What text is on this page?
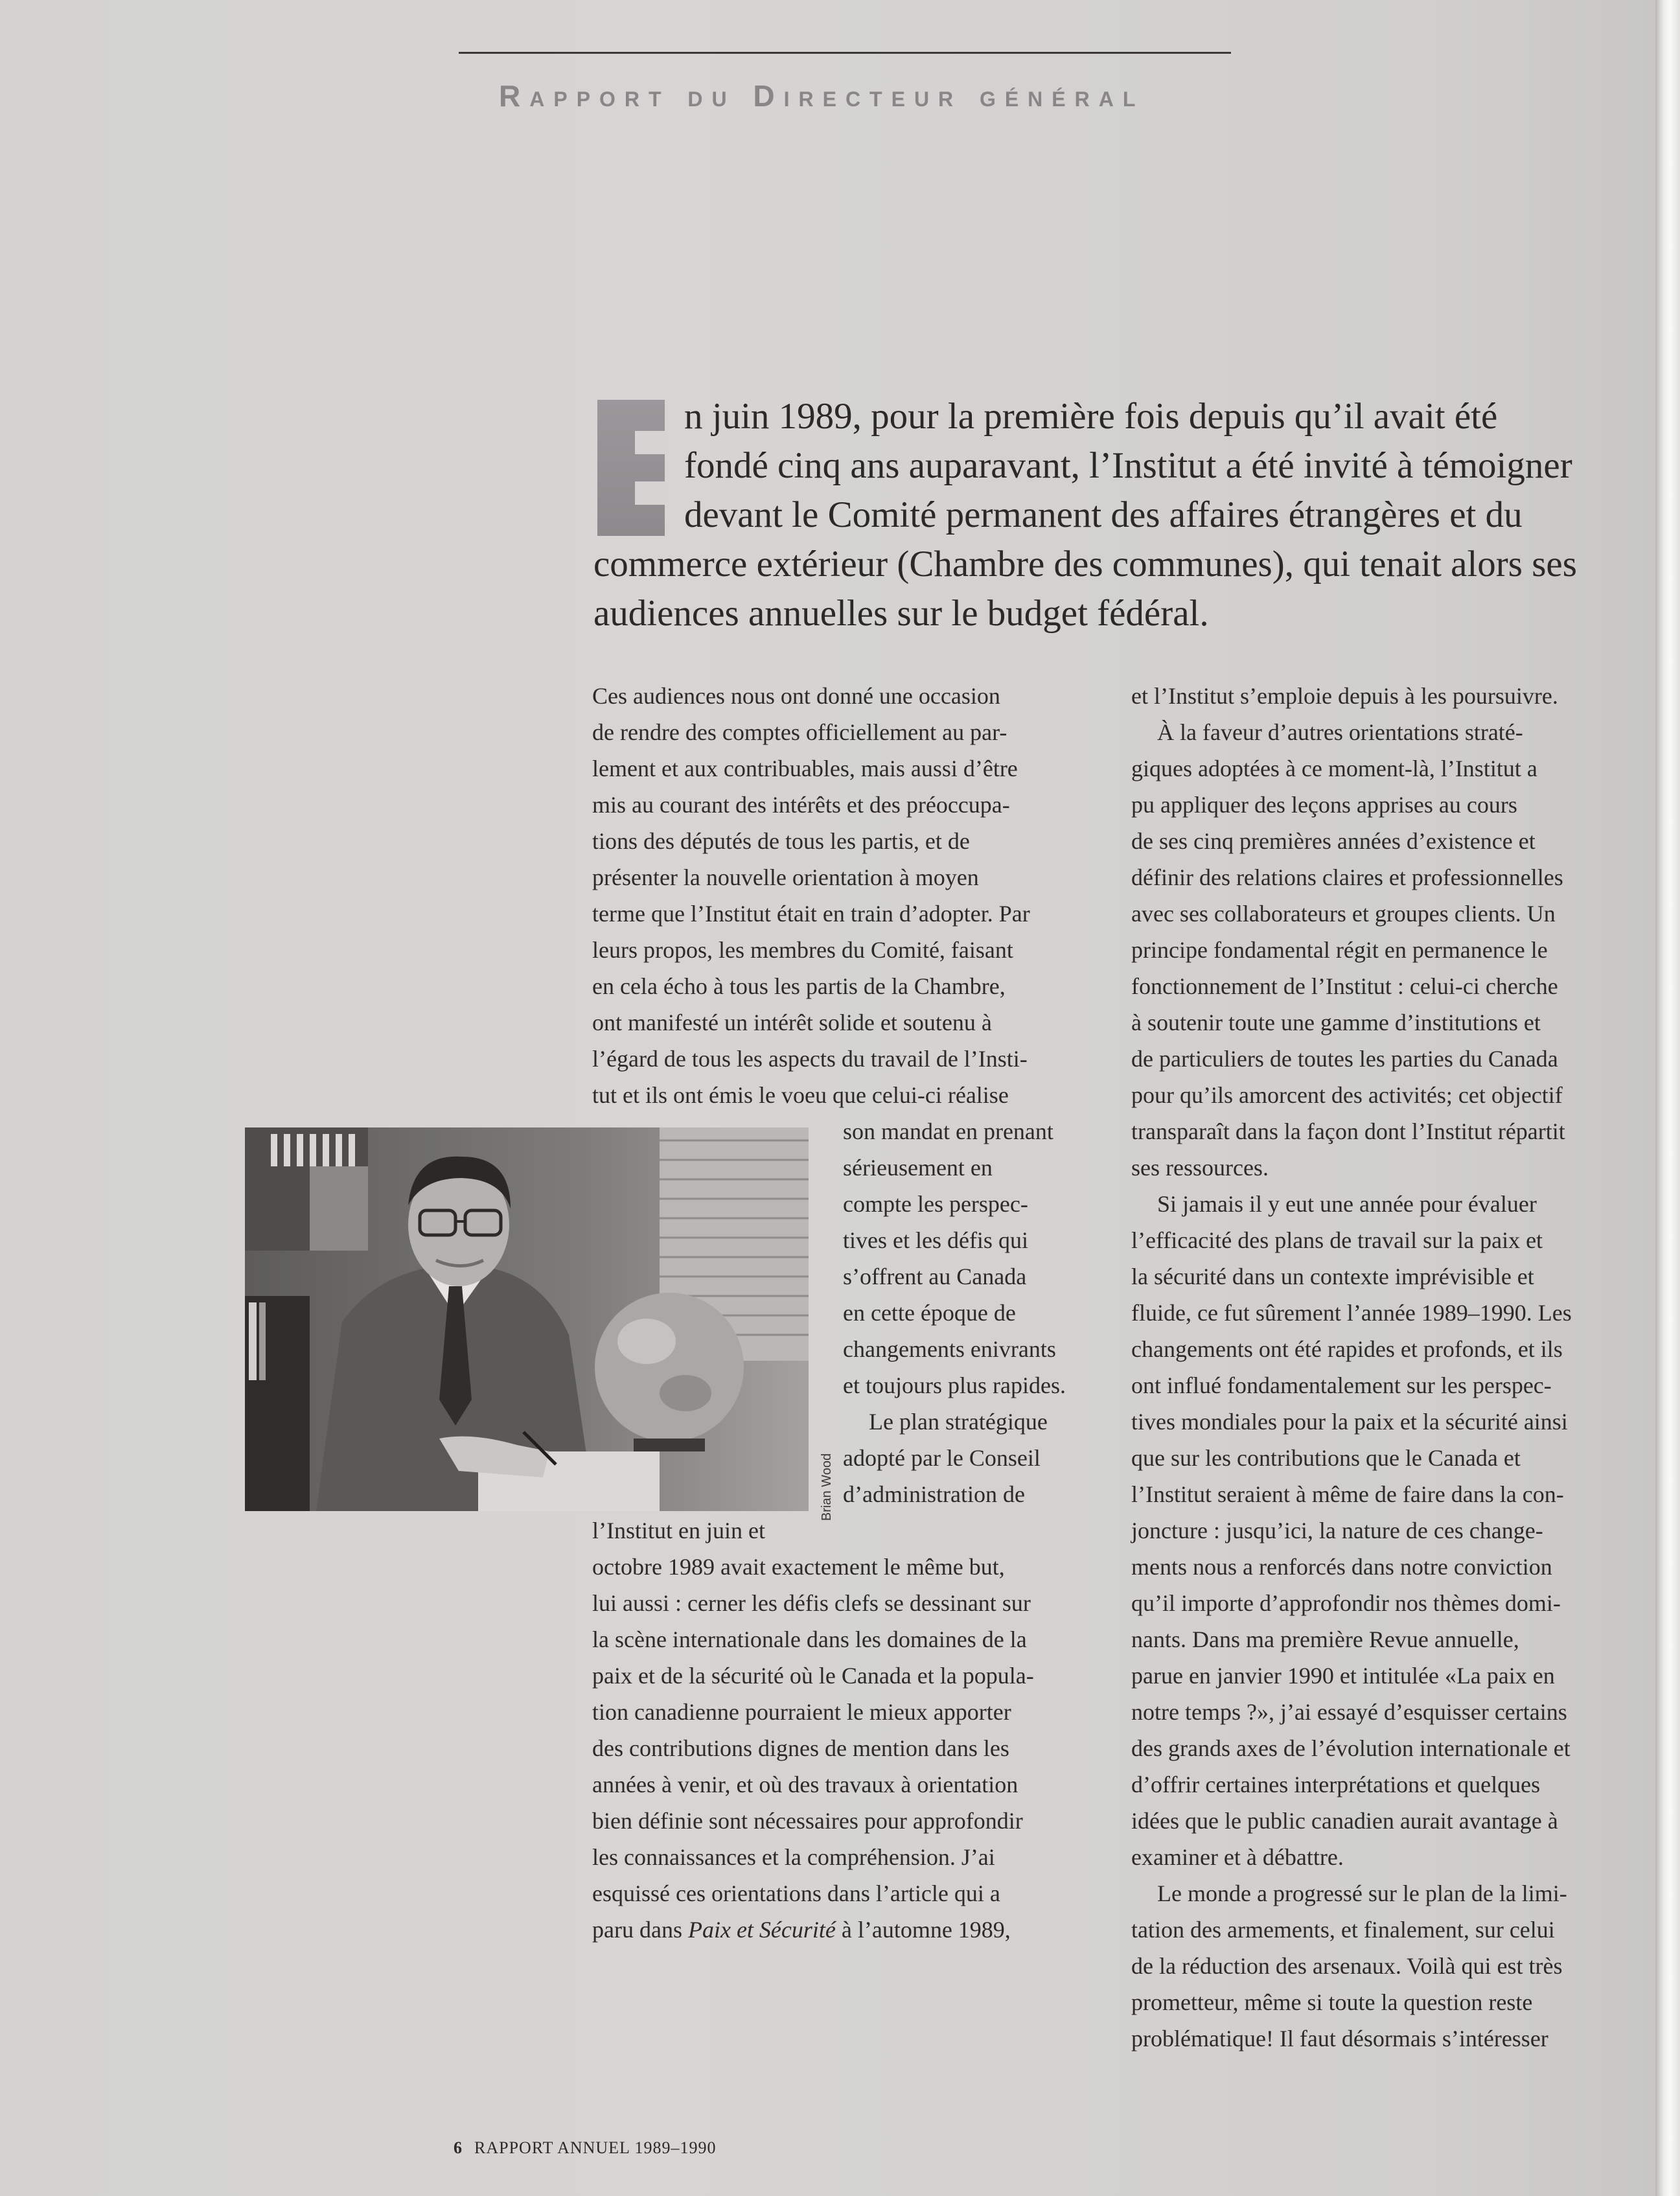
RAPPORT DU DIRECTEUR GÉNÉRAL
n juin 1989, pour la première fois depuis qu’il avait été
fondé cinq ans auparavant, l’Institut a été invité à témoigner
devant le Comité permanent des affaires étrangères et du
commerce extérieur (Chambre des communes), qui tenait alors ses
audiences annuelles sur le budget fédéral.
Ces audiences nous ont donné une occasion
de rendre des comptes officiellement au par-
lement et aux contribuables, mais aussi d’être
mis au courant des intérêts et des préoccupa-
tions des députés de tous les partis, et de
présenter la nouvelle orientation à moyen
terme que l’Institut était en train d’adopter. Par
leurs propos, les membres du Comité, faisant
en cela écho à tous les partis de la Chambre,
ont manifesté un intérêt solide et soutenu à
l’égard de tous les aspects du travail de l’Insti-
tut et ils ont émis le voeu que celui-ci réalise
Brian Wood
son mandat en prenant
sérieusement en
compte les perspec-
tives et les défis qui
s’offrent au Canada
en cette époque de
changements enivrants
et toujours plus rapides.
Le plan stratégique
adopté par le Conseil
d’administration de
l’Institut en juin et
octobre 1989 avait exactement le même but,
lui aussi : cerner les défis clefs se dessinant sur
la scène internationale dans les domaines de la
paix et de la sécurité où le Canada et la popula-
tion canadienne pourraient le mieux apporter
des contributions dignes de mention dans les
années à venir, et où des travaux à orientation
bien définie sont nécessaires pour approfondir
les connaissances et la compréhension. J’ai
esquissé ces orientations dans l’article qui a
paru dans Paix et Sécurité à l’automne 1989,
et l’Institut s’emploie depuis à les poursuivre.
À la faveur d’autres orientations straté-
giques adoptées à ce moment-là, l’Institut a
pu appliquer des leçons apprises au cours
de ses cinq premières années d’existence et
définir des relations claires et professionnelles
avec ses collaborateurs et groupes clients. Un
principe fondamental régit en permanence le
fonctionnement de l’Institut : celui-ci cherche
à soutenir toute une gamme d’institutions et
de particuliers de toutes les parties du Canada
pour qu’ils amorcent des activités; cet objectif
transparaît dans la façon dont l’Institut répartit
ses ressources.
Si jamais il y eut une année pour évaluer
l’efficacité des plans de travail sur la paix et
la sécurité dans un contexte imprévisible et
fluide, ce fut sûrement l’année 1989–1990. Les
changements ont été rapides et profonds, et ils
ont influé fondamentalement sur les perspec-
tives mondiales pour la paix et la sécurité ainsi
que sur les contributions que le Canada et
l’Institut seraient à même de faire dans la con-
joncture : jusqu’ici, la nature de ces change-
ments nous a renforcés dans notre conviction
qu’il importe d’approfondir nos thèmes domi-
nants. Dans ma première Revue annuelle,
parue en janvier 1990 et intitulée «La paix en
notre temps ?», j’ai essayé d’esquisser certains
des grands axes de l’évolution internationale et
d’offrir certaines interprétations et quelques
idées que le public canadien aurait avantage à
examiner et à débattre.
Le monde a progressé sur le plan de la limi-
tation des armements, et finalement, sur celui
de la réduction des arsenaux. Voilà qui est très
prometteur, même si toute la question reste
problématique! Il faut désormais s’intéresser
6 RAPPORT ANNUEL 1989–1990
